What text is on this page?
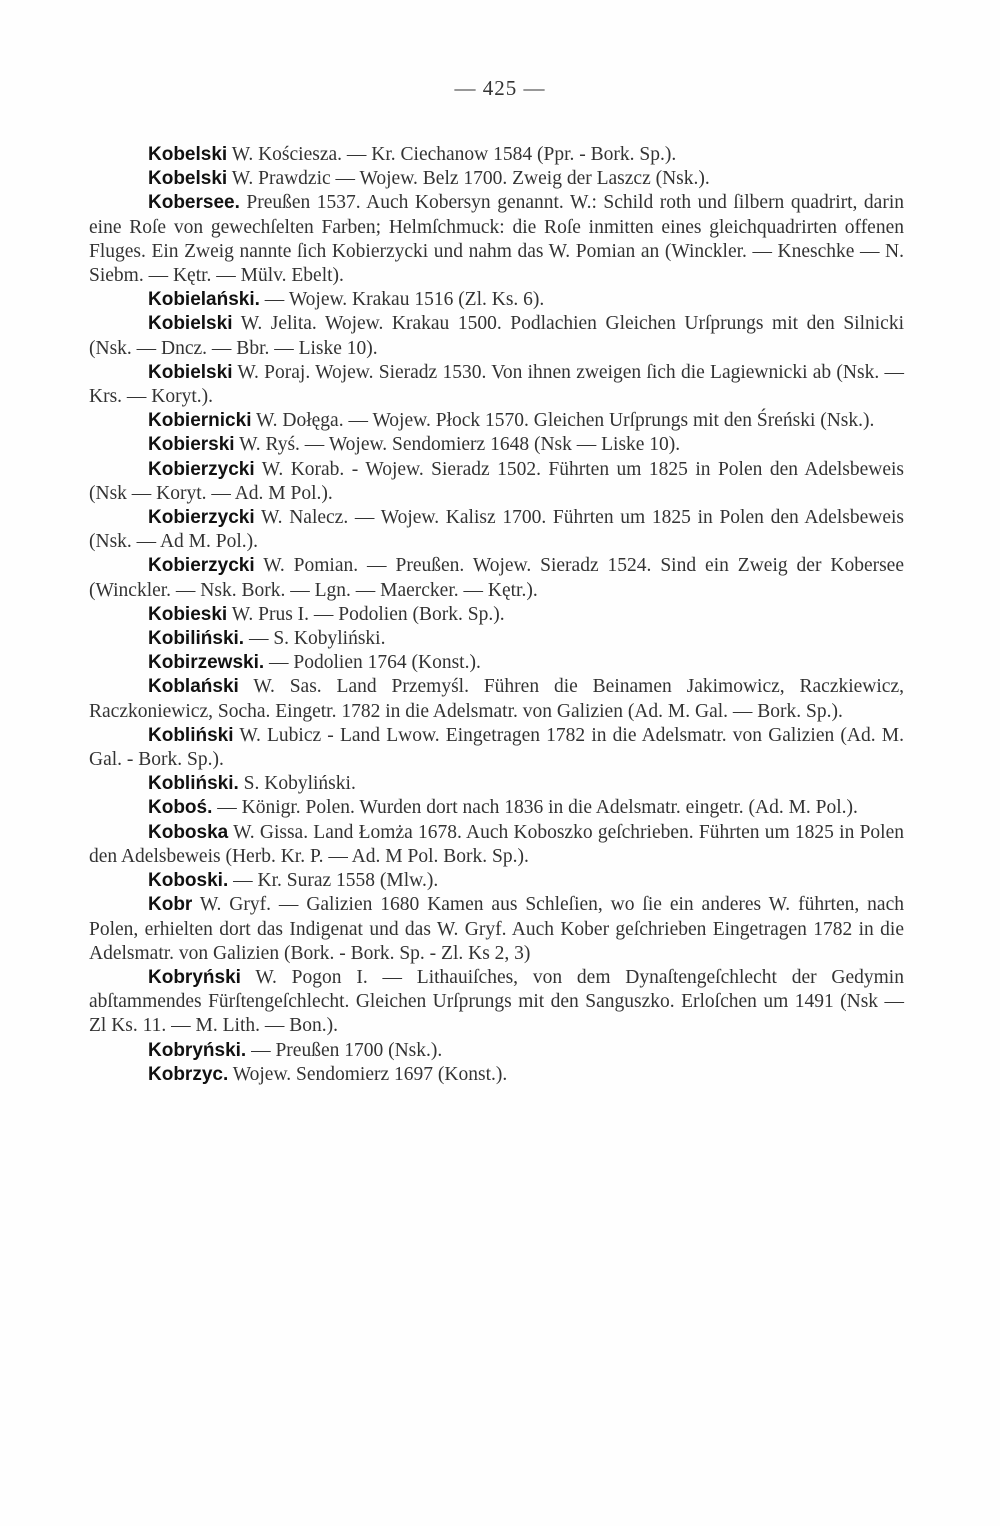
— 425 —

Kobelski W. Kościesza. — Kr. Ciechanow 1584 (Ppr. - Bork. Sp.).

Kobelski W. Prawdzic — Wojew. Belz 1700. Zweig der Laszcz (Nsk.).

Kobersee. Preußen 1537. Auch Kobersyn genannt. W.: Schild roth und ſilbern quadrirt, darin eine Roſe von gewechſelten Farben; Helmſchmuck: die Roſe inmitten eines gleichquadrirten offenen Fluges. Ein Zweig nannte ſich Kobierzycki und nahm das W. Pomian an (Winckler. — Kneschke — N. Siebm. — Kętr. — Mülv. Ebelt).

Kobielański. — Wojew. Krakau 1516 (Zl. Ks. 6).

Kobielski W. Jelita. Wojew. Krakau 1500. Podlachien Gleichen Urſprungs mit den Silnicki (Nsk. — Dncz. — Bbr. — Liske 10).

Kobielski W. Poraj. Wojew. Sieradz 1530. Von ihnen zweigen ſich die Lagiewnicki ab (Nsk. — Krs. — Koryt.).

Kobiernicki W. Dołęga. — Wojew. Płock 1570. Gleichen Urſprungs mit den Śreński (Nsk.).

Kobierski W. Ryś. — Wojew. Sendomierz 1648 (Nsk — Liske 10).

Kobierzycki W. Korab. - Wojew. Sieradz 1502. Führten um 1825 in Polen den Adelsbeweis (Nsk — Koryt. — Ad. M Pol.).

Kobierzycki W. Nalecz. — Wojew. Kalisz 1700. Führten um 1825 in Polen den Adelsbeweis (Nsk. — Ad M. Pol.).

Kobierzycki W. Pomian. — Preußen. Wojew. Sieradz 1524. Sind ein Zweig der Kobersee (Winckler. — Nsk. Bork. — Lgn. — Maercker. — Kętr.).

Kobieski W. Prus I. — Podolien (Bork. Sp.).

Kobiliński. — S. Kobyliński.

Kobirzewski. — Podolien 1764 (Konst.).

Koblański W. Sas. Land Przemyśl. Führen die Beinamen Jakimowicz, Raczkiewicz, Raczkoniewicz, Socha. Eingetr. 1782 in die Adelsmatr. von Galizien (Ad. M. Gal. — Bork. Sp.).

Kobliński W. Lubicz - Land Lwow. Eingetragen 1782 in die Adelsmatr. von Galizien (Ad. M. Gal. - Bork. Sp.).

Kobliński. S. Kobyliński.

Koboś. — Königr. Polen. Wurden dort nach 1836 in die Adelsmatr. eingetr. (Ad. M. Pol.).

Koboska W. Gissa. Land Łomża 1678. Auch Koboszko geſchrieben. Führten um 1825 in Polen den Adelsbeweis (Herb. Kr. P. — Ad. M Pol. Bork. Sp.).

Koboski. — Kr. Suraz 1558 (Mlw.).

Kobr W. Gryf. — Galizien 1680 Kamen aus Schleſien, wo ſie ein anderes W. führten, nach Polen, erhielten dort das Indigenat und das W. Gryf. Auch Kober geſchrieben Eingetragen 1782 in die Adelsmatr. von Galizien (Bork. - Bork. Sp. - Zl. Ks 2, 3)

Kobryński W. Pogon I. — Lithauiſches, von dem Dynaſtengeſchlecht der Gedymin abſtammendes Fürſtengeſchlecht. Gleichen Urſprungs mit den Sanguszko. Erloſchen um 1491 (Nsk — Zl Ks. 11. — M. Lith. — Bon.).

Kobryński. — Preußen 1700 (Nsk.).

Kobrzyc. Wojew. Sendomierz 1697 (Konst.).
